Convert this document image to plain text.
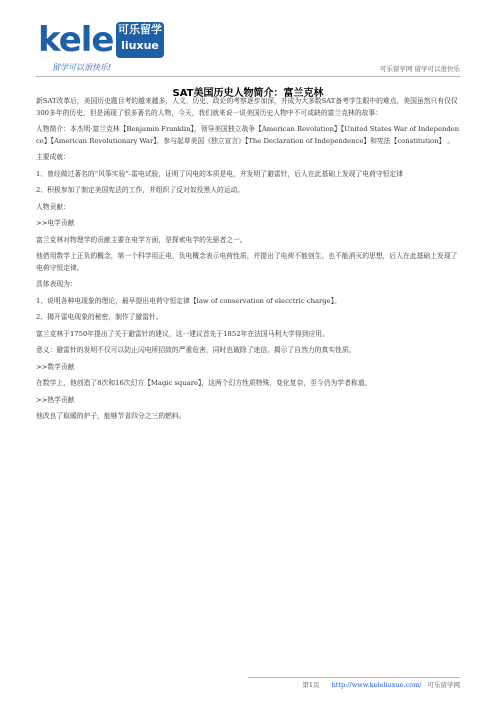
kele 可乐留学
liuxue
留学可以很快乐!	可乐留学网 留学可以很快乐
SAT美国历史人物简介：富兰克林

新SAT改革后，美国历史题目考的越来越多，人文、历史、政论的考察逐步加深，并成为大多数SAT备考学生眼中的难点，美国虽然只有仅仅300多年的历史，但是涌现了很多著名的人物，今天，我们就来说一说美国历史人物中不可或缺的富兰克林的故事：

人物简介：本杰明·富兰克林【Benjamin Franklin】，领导美国独立战争【American Revolution】【United States War of Independence】【American Revolutionary War】，参与起草美国《独立宣言》【The Declaration of Independence】和宪法【constitution】 。

主要成就：

1、曾经做过著名的“风筝实验”-雷电试验，证明了闪电的本质是电，并发明了避雷针，后人在此基础上发现了电荷守恒定律

2、积极参加了制定美国宪法的工作，并组织了反对奴役黑人的运动。

人物贡献：

>>电学贡献

富兰克林对物理学的贡献主要在电学方面，是探索电学的先驱者之一。

他借用数学上正负的概念，第一个科学用正电、负电概念表示电荷性质，并提出了电荷不能创生、也不能消灭的思想，后人在此基础上发现了电荷守恒定律。

具体表现为：

1、说明各种电现象的理论，最早提出电荷守恒定律【law of conservation of elecctric charge】。

2、揭开雷电现象的秘密，制作了避雷针。

富兰克林于1750年提出了关于避雷针的建议，这一建议首先于1852年在法国马利大学得到应用。

意义：避雷针的发明不仅可以防止闪电所招致的严重危害，同时也破除了迷信，揭示了自然力的真实性质。

>>数学贡献

在数学上，他创造了8次和16次幻方【Magic square】，这两个幻方性质特殊，变化复杂，至今仍为学者称道。

>>热学贡献

他改良了取暖的炉子，能够节省四分之三的燃料。

第1页 http://www.keleliuxue.com/ 可乐留学网
